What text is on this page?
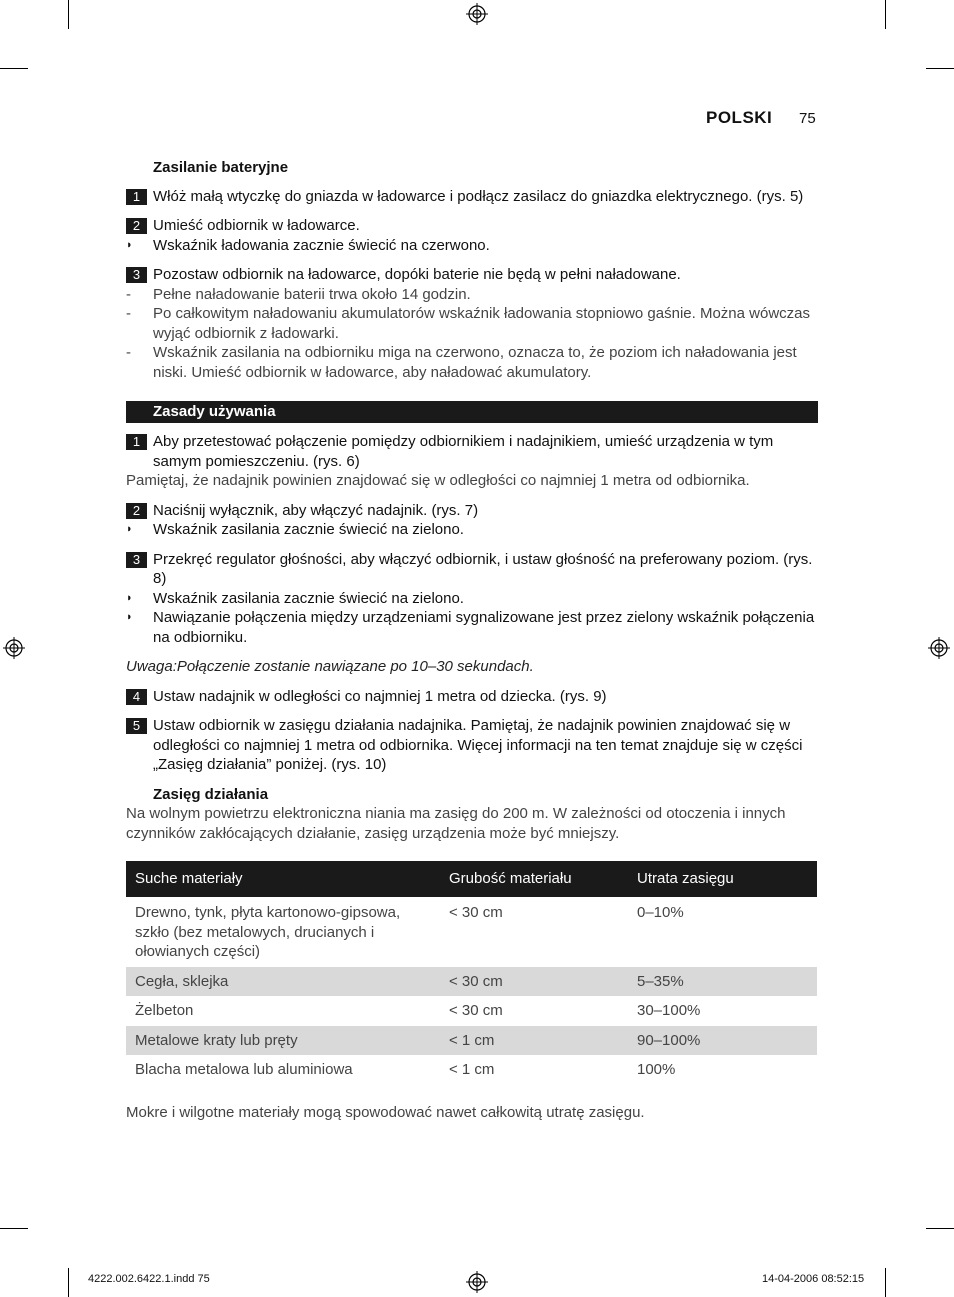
POLSKI 75
Zasilanie bateryjne
1 Włóż małą wtyczkę do gniazda w ładowarce i podłącz zasilacz do gniazdka elektrycznego. (rys. 5)
2 Umieść odbiornik w ładowarce.
◗ Wskaźnik ładowania zacznie świecić na czerwono.
3 Pozostaw odbiornik na ładowarce, dopóki baterie nie będą w pełni naładowane.
- Pełne naładowanie baterii trwa około 14 godzin.
- Po całkowitym naładowaniu akumulatorów wskaźnik ładowania stopniowo gaśnie. Można wówczas wyjąć odbiornik z ładowarki.
- Wskaźnik zasilania na odbiorniku miga na czerwono, oznacza to, że poziom ich naładowania jest niski. Umieść odbiornik w ładowarce, aby naładować akumulatory.
Zasady używania
1 Aby przetestować połączenie pomiędzy odbiornikiem i nadajnikiem, umieść urządzenia w tym samym pomieszczeniu. (rys. 6)
Pamiętaj, że nadajnik powinien znajdować się w odległości co najmniej 1 metra od odbiornika.
2 Naciśnij wyłącznik, aby włączyć nadajnik. (rys. 7)
◗ Wskaźnik zasilania zacznie świecić na zielono.
3 Przekręć regulator głośności, aby włączyć odbiornik, i ustaw głośność na preferowany poziom. (rys. 8)
◗ Wskaźnik zasilania zacznie świecić na zielono.
◗ Nawiązanie połączenia między urządzeniami sygnalizowane jest przez zielony wskaźnik połączenia na odbiorniku.
Uwaga:Połączenie zostanie nawiązane po 10–30 sekundach.
4 Ustaw nadajnik w odległości co najmniej 1 metra od dziecka. (rys. 9)
5 Ustaw odbiornik w zasięgu działania nadajnika. Pamiętaj, że nadajnik powinien znajdować się w odległości co najmniej 1 metra od odbiornika. Więcej informacji na ten temat znajduje się w części „Zasięg działania” poniżej. (rys. 10)
Zasięg działania
Na wolnym powietrzu elektroniczna niania ma zasięg do 200 m. W zależności od otoczenia i innych czynników zakłócających działanie, zasięg urządzenia może być mniejszy.
Suche materiały	Grubość materiału	Utrata zasięgu
Drewno, tynk, płyta kartonowo-gipsowa, szkło (bez metalowych, drucianych i ołowianych części)	< 30 cm	0–10%
Cegła, sklejka	< 30 cm	5–35%
Żelbeton	< 30 cm	30–100%
Metalowe kraty lub pręty	< 1 cm	90–100%
Blacha metalowa lub aluminiowa	< 1 cm	100%
Mokre i wilgotne materiały mogą spowodować nawet całkowitą utratę zasięgu.
4222.002.6422.1.indd 75	14-04-2006 08:52:15
